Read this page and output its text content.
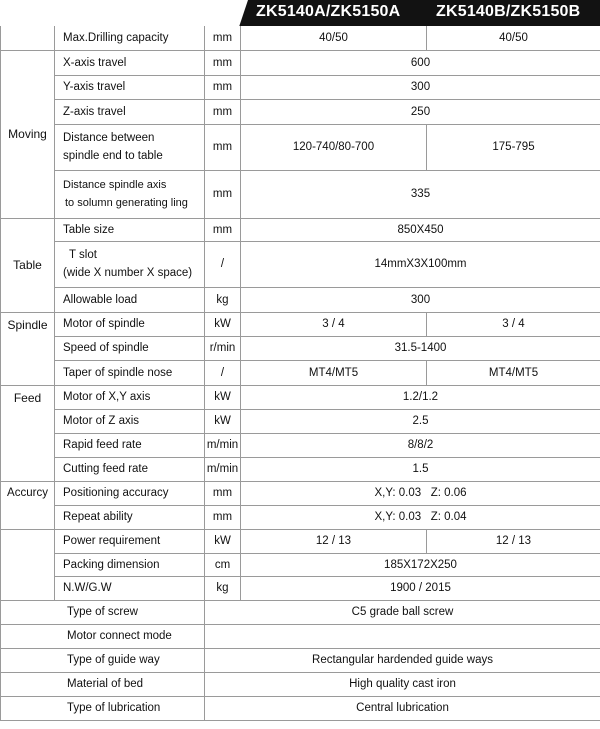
/ ZK5140A/ZK5150A ZK5140B/ZK5150B
	Max.Drilling capacity	mm	40/50	40/50
Moving	X-axis travel	mm	600	
	Y-axis travel	mm	300	
	Z-axis travel	mm	250	

	Distance between
spindle end to table	mm	120-740/80-700	175-795

	Distance spindle axis
to solumn generating ling	mm	335	

Table	Table size	mm	850X450	

	T slot
(wide X number X space)	/	14mmX3X100mm	
	Allowable load	kg	300	
Spindle	Motor of spindle	kW	3 / 4	3 / 4
	Speed of spindle	r/min	31.5-1400	
	Taper of spindle nose	/	MT4/MT5	MT4/MT5
Feed	Motor of X,Y axis	kW	1.2/1.2	
	Motor of Z axis	kW	2.5	
	Rapid feed rate	m/min	8/8/2	
	Cutting feed rate	m/min	1.5	
Accurcy	Positioning accuracy	mm	X,Y: 0.03   Z: 0.06	
	Repeat ability	mm	X,Y: 0.03   Z: 0.04	
	Power requirement	kW	12 / 13	12 / 13
	Packing dimension	cm	185X172X250	
	N.W/G.W	kg	1900 / 2015	
Type of screw		C5 grade ball screw		
Motor connect mode				
Type of guide way		Rectangular hardended guide ways		
Material of bed		High quality cast iron		
Type of lubrication		Central lubrication		
